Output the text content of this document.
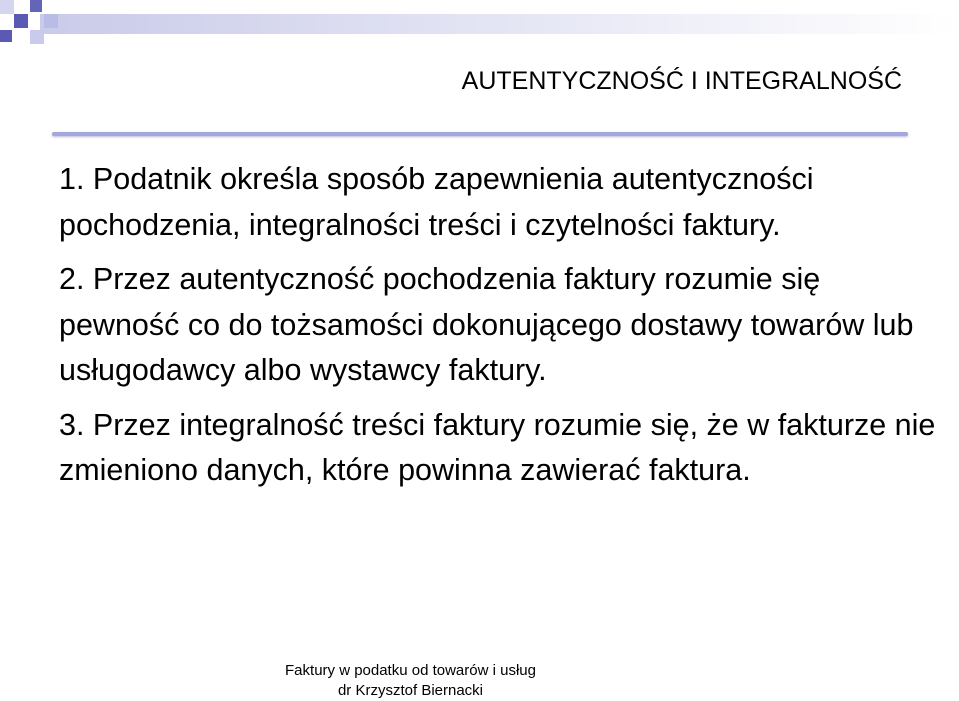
AUTENTYCZNOŚĆ I INTEGRALNOŚĆ

1. Podatnik określa sposób zapewnienia autentyczności pochodzenia, integralności treści i czytelności faktury.

2. Przez autentyczność pochodzenia faktury rozumie się pewność co do tożsamości dokonującego dostawy towarów lub usługodawcy albo wystawcy faktury.

3. Przez integralność treści faktury rozumie się, że w fakturze nie zmieniono danych, które powinna zawierać faktura.

Faktury w podatku od towarów i usług
dr Krzysztof Biernacki
